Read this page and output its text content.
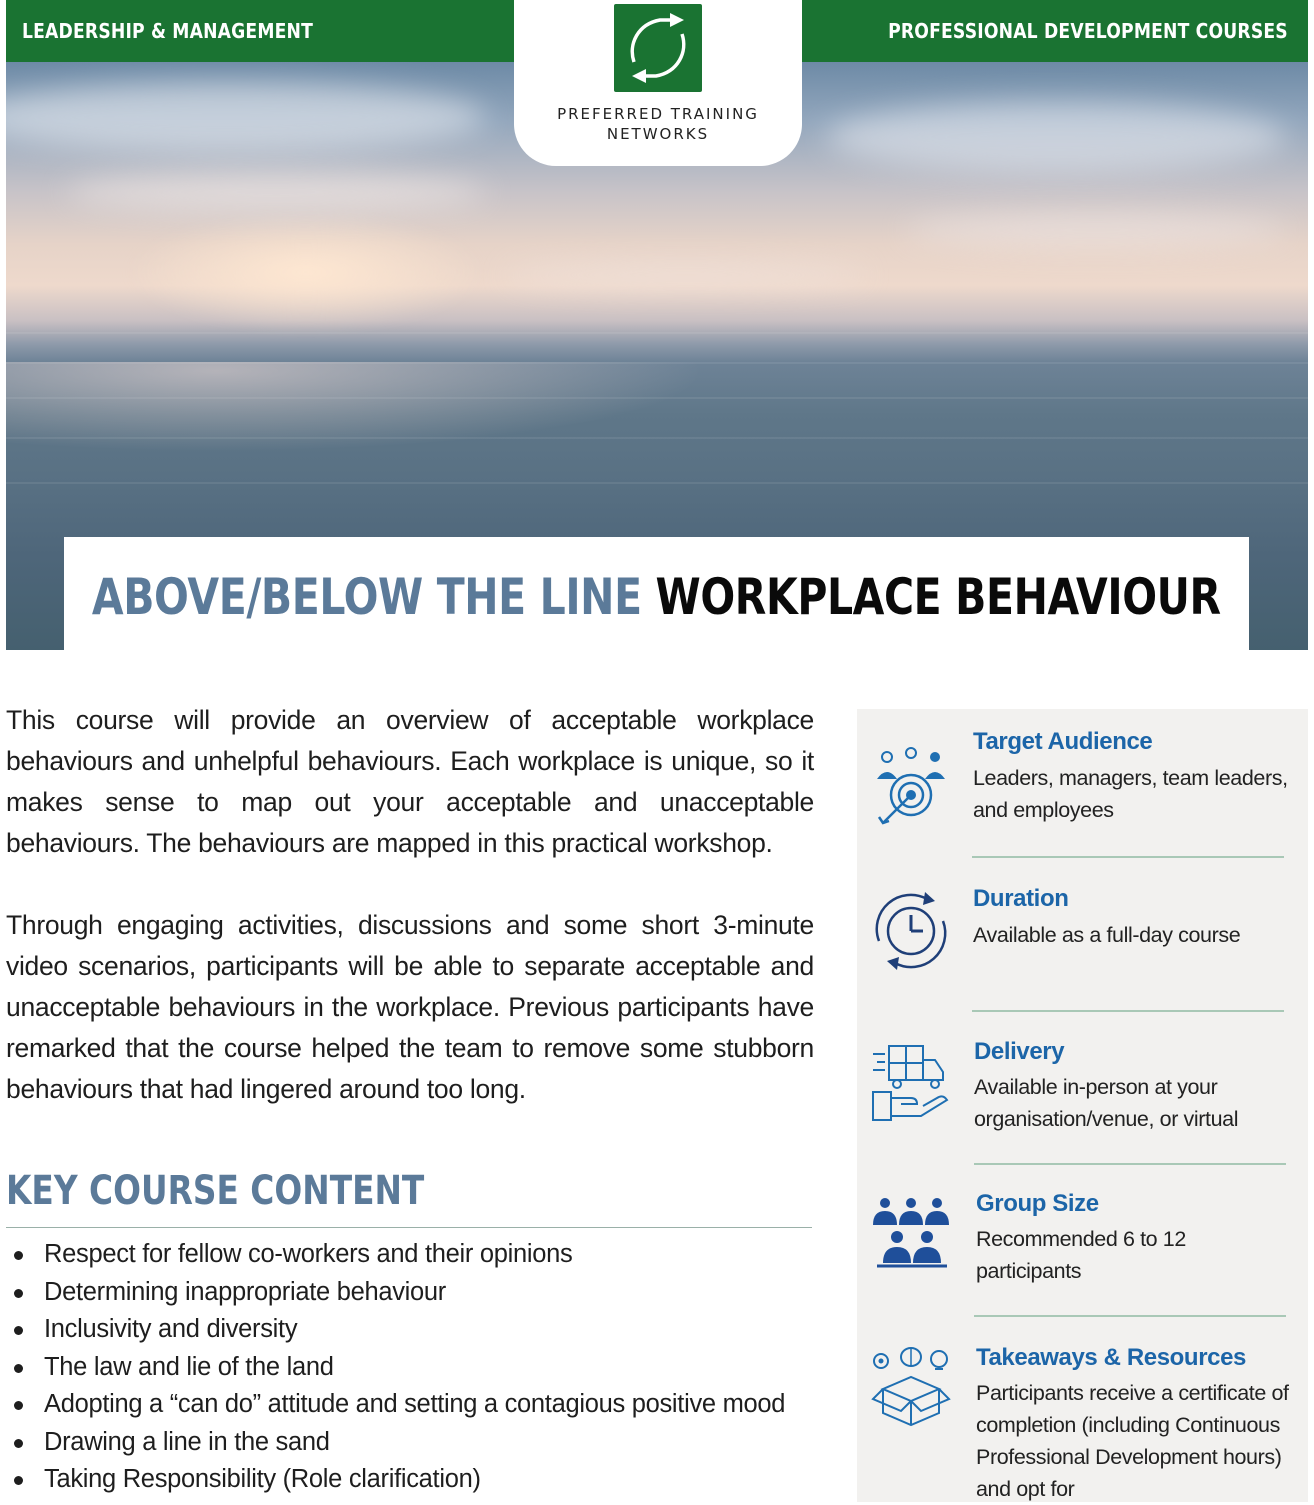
LEADERSHIP & MANAGEMENT	PROFESSIONAL DEVELOPMENT COURSES
PREFERRED TRAINING
NETWORKS
ABOVE/BELOW THE LINE WORKPLACE BEHAVIOUR

This course will provide an overview of acceptable workplace behaviours and unhelpful behaviours. Each workplace is unique, so it makes sense to map out your acceptable and unacceptable behaviours. The behaviours are mapped in this practical workshop.

Through engaging activities, discussions and some short 3-minute video scenarios, participants will be able to separate acceptable and unacceptable behaviours in the workplace. Previous participants have remarked that the course helped the team to remove some stubborn behaviours that had lingered around too long.

KEY COURSE CONTENT
Respect for fellow co-workers and their opinions
Determining inappropriate behaviour
Inclusivity and diversity
The law and lie of the land
Adopting a “can do” attitude and setting a contagious positive mood
Drawing a line in the sand
Taking Responsibility (Role clarification)
Target Audience
Leaders, managers, team leaders, and employees
Duration
Available as a full-day course
Delivery
Available in-person at your organisation/venue, or virtual
Group Size
Recommended 6 to 12 participants
Takeaways & Resources
Participants receive a certificate of completion (including Continuous Professional Development hours) and opt for
